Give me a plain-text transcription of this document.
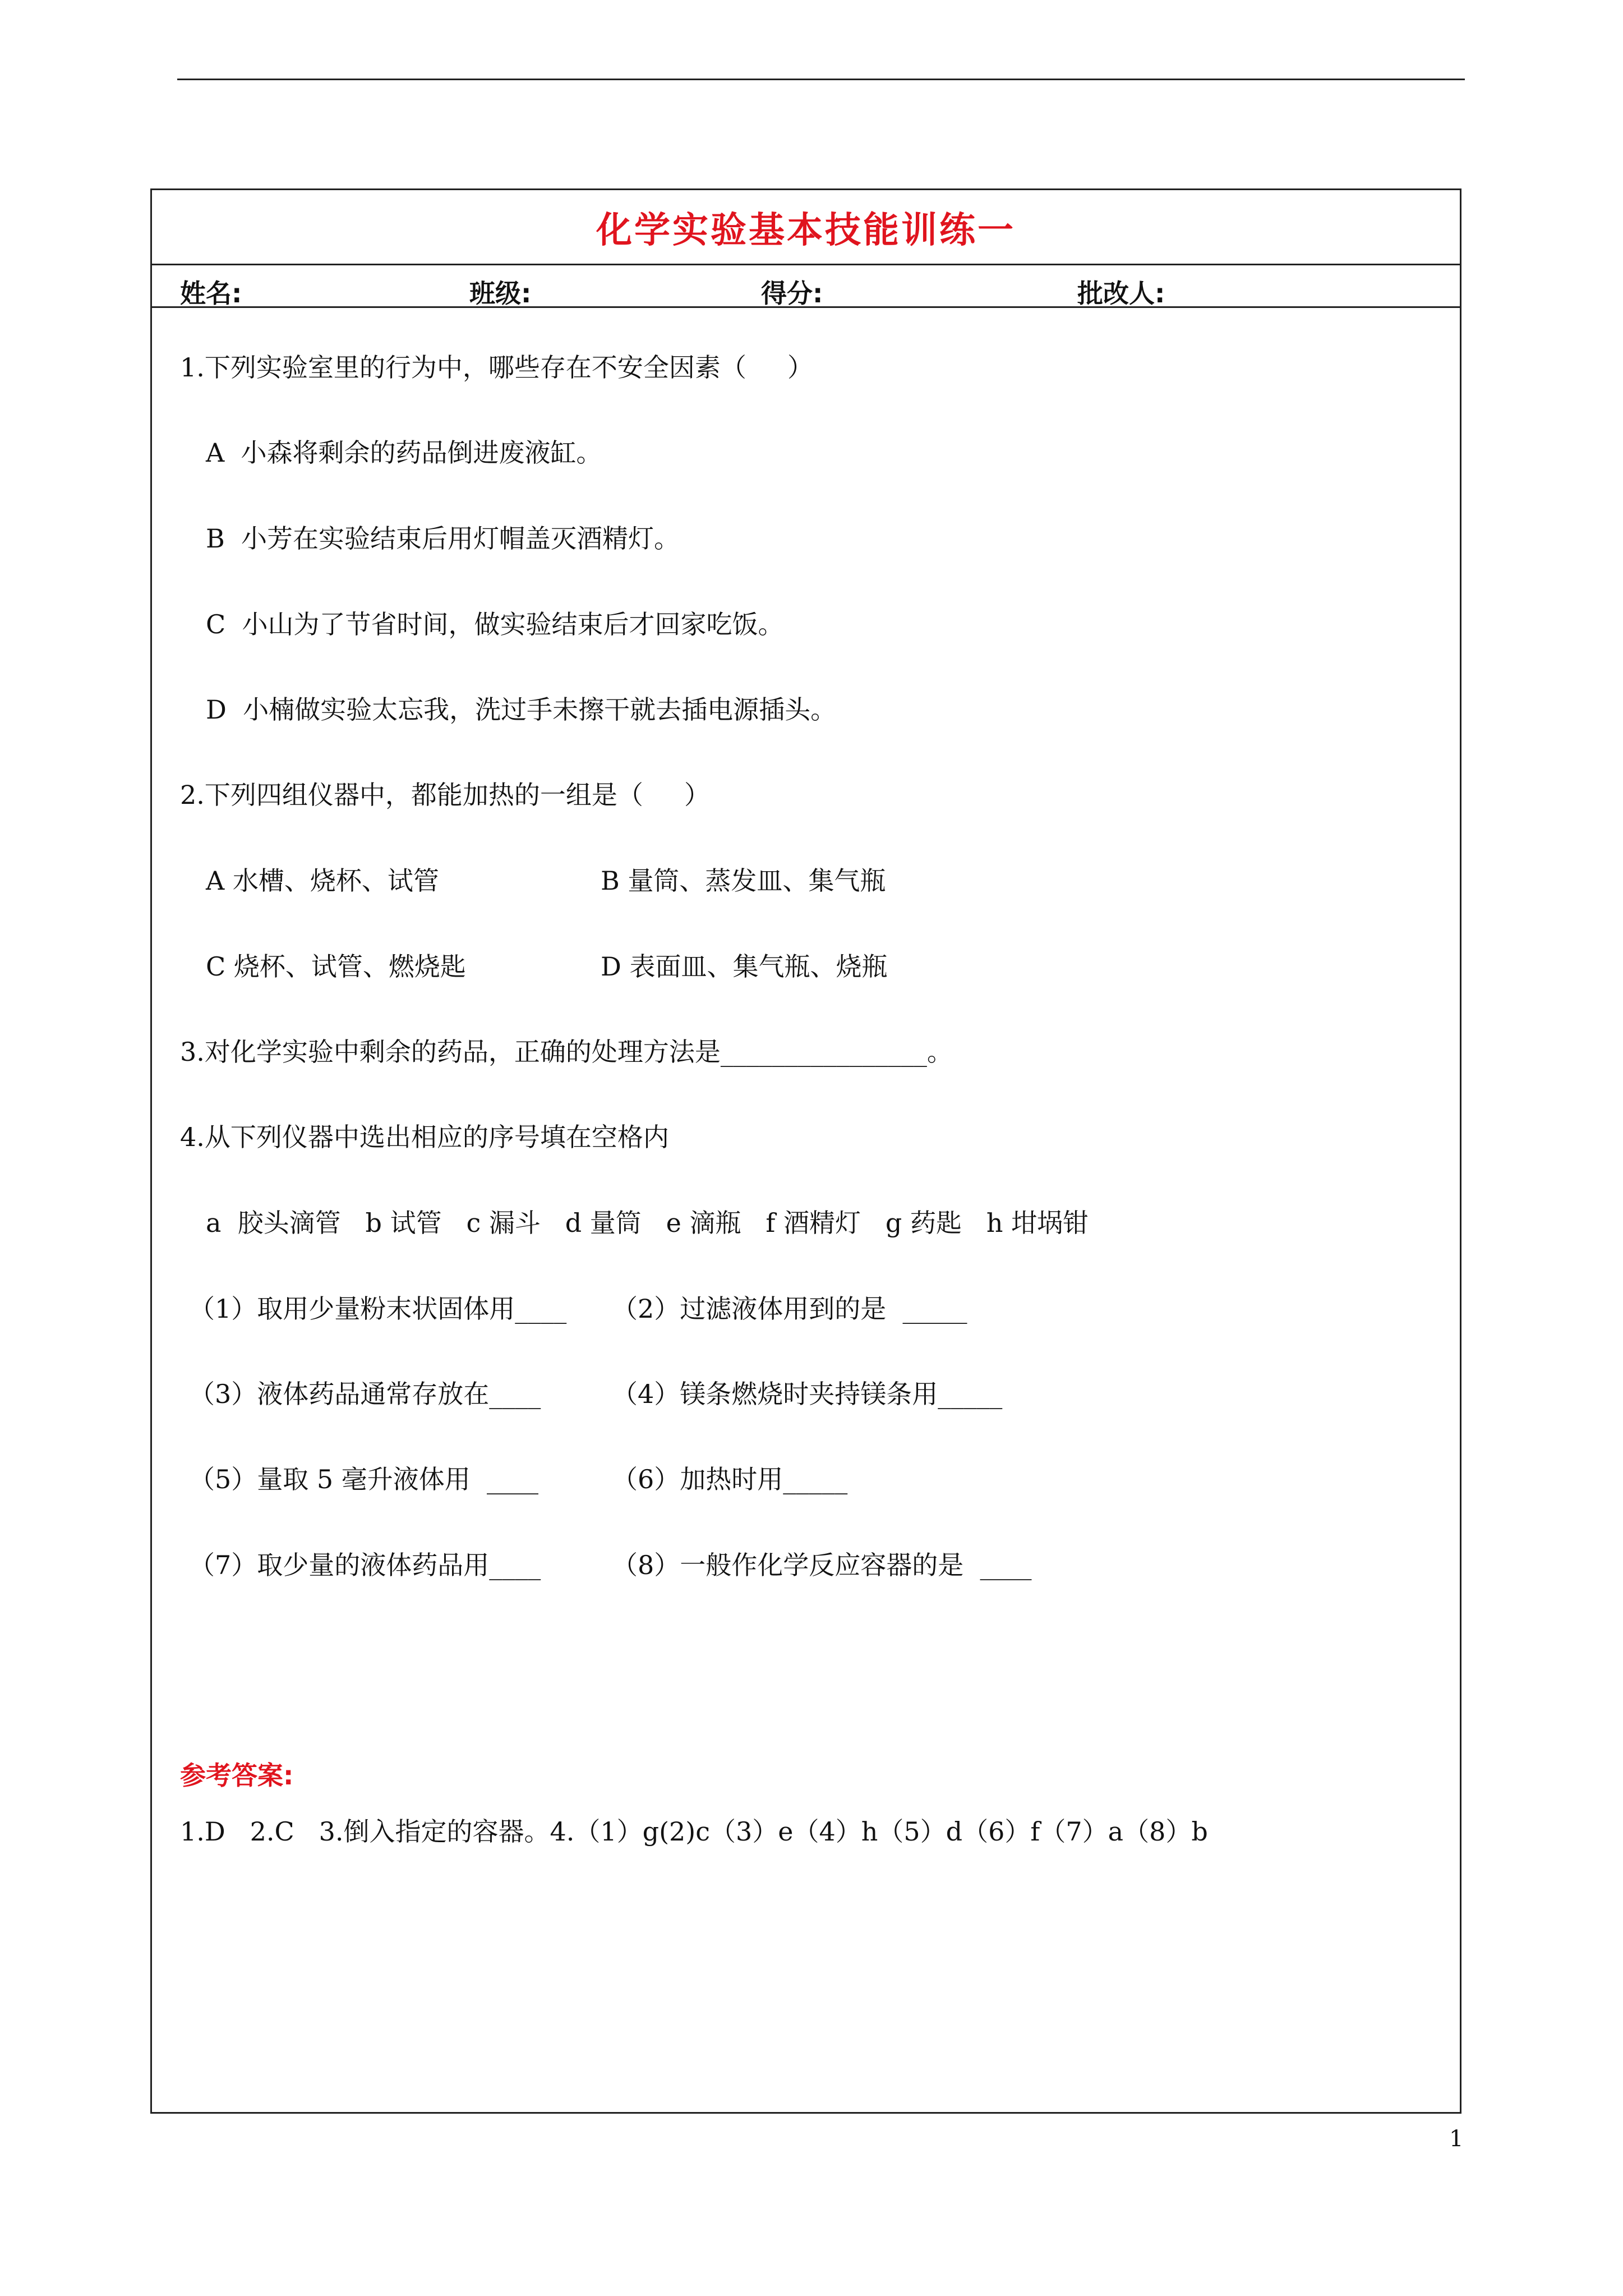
化学实验基本技能训练一
姓名:	班级:	得分:	批改人:
1.下列实验室里的行为中，哪些存在不安全因素（     ）
A  小森将剩余的药品倒进废液缸。
B  小芳在实验结束后用灯帽盖灭酒精灯。
C  小山为了节省时间，做实验结束后才回家吃饭。
D  小楠做实验太忘我，洗过手未擦干就去插电源插头。
2.下列四组仪器中，都能加热的一组是（     ）
A 水槽、烧杯、试管	B 量筒、蒸发皿、集气瓶
C 烧杯、试管、燃烧匙	D 表面皿、集气瓶、烧瓶
3.对化学实验中剩余的药品，正确的处理方法是________________。
4.从下列仪器中选出相应的序号填在空格内
a  胶头滴管   b 试管   c 漏斗   d 量筒   e 滴瓶   f 酒精灯   g 药匙   h 坩埚钳
（1）取用少量粉末状固体用____ （2）过滤液体用到的是  _____
（3）液体药品通常存放在____	（4）镁条燃烧时夹持镁条用_____
（5）量取 5 毫升液体用  ____	（6）加热时用_____
（7）取少量的液体药品用____	（8）一般作化学反应容器的是  ____
参考答案:
1.D   2.C   3.倒入指定的容器。4.（1）g(2)c（3）e（4）h（5）d（6）f（7）a（8）b
1
